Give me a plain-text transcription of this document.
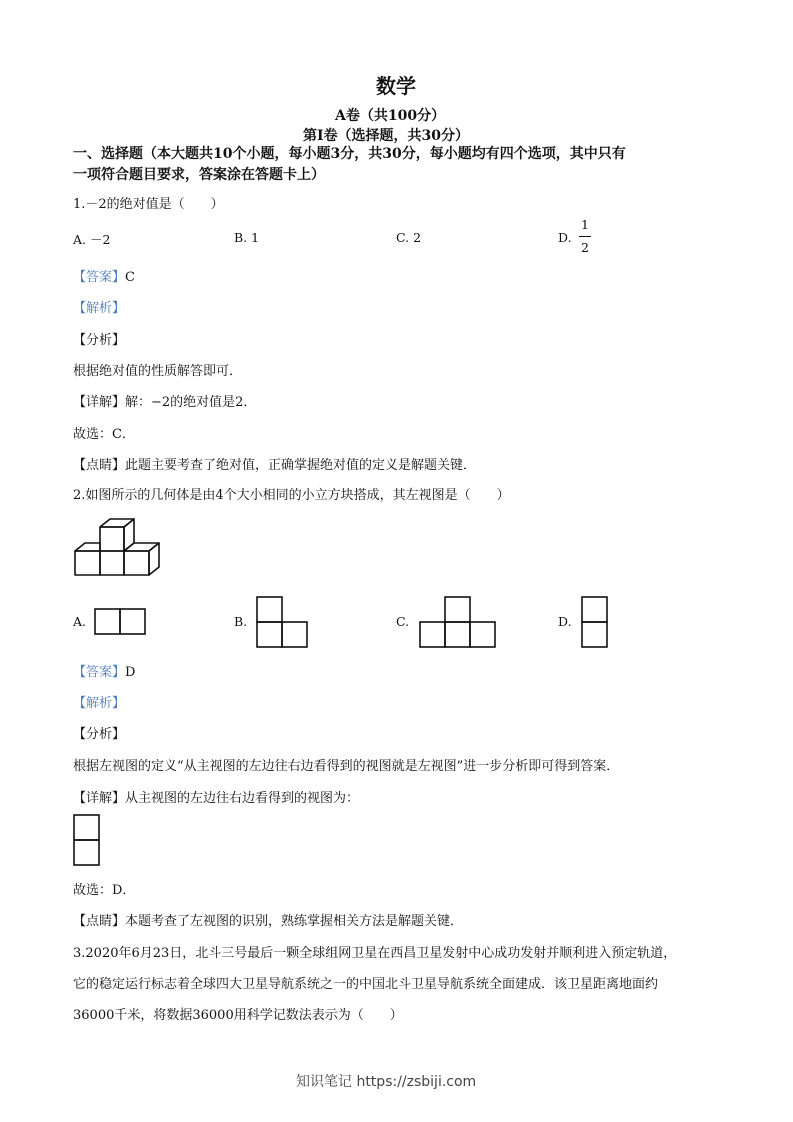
数学
A卷（共100分）
第I卷（选择题，共30分）
一、选择题（本大题共10个小题，每小题3分，共30分，每小题均有四个选项，其中只有
一项符合题目要求，答案涂在答题卡上）
1.－2的绝对值是（　　）
A. －2	B. 1	C. 2	D.
1
2
【答案】C
【解析】
【分析】
根据绝对值的性质解答即可．
【详解】解：−2的绝对值是2．
故选：C．
【点睛】此题主要考查了绝对值，正确掌握绝对值的定义是解题关键．
2.如图所示的几何体是由4个大小相同的小立方块搭成，其左视图是（　　）
A.	B.	C.	D.
【答案】D
【解析】
【分析】
根据左视图的定义“从主视图的左边往右边看得到的视图就是左视图”进一步分析即可得到答案．
【详解】从主视图的左边往右边看得到的视图为：
故选：D．
【点睛】本题考查了左视图的识别，熟练掌握相关方法是解题关键．
3.2020年6月23日，北斗三号最后一颗全球组网卫星在西昌卫星发射中心成功发射并顺利进入预定轨道，
它的稳定运行标志着全球四大卫星导航系统之一的中国北斗卫星导航系统全面建成．该卫星距离地面约
36000千米，将数据36000用科学记数法表示为（　　）
知识笔记 https://zsbiji.com
